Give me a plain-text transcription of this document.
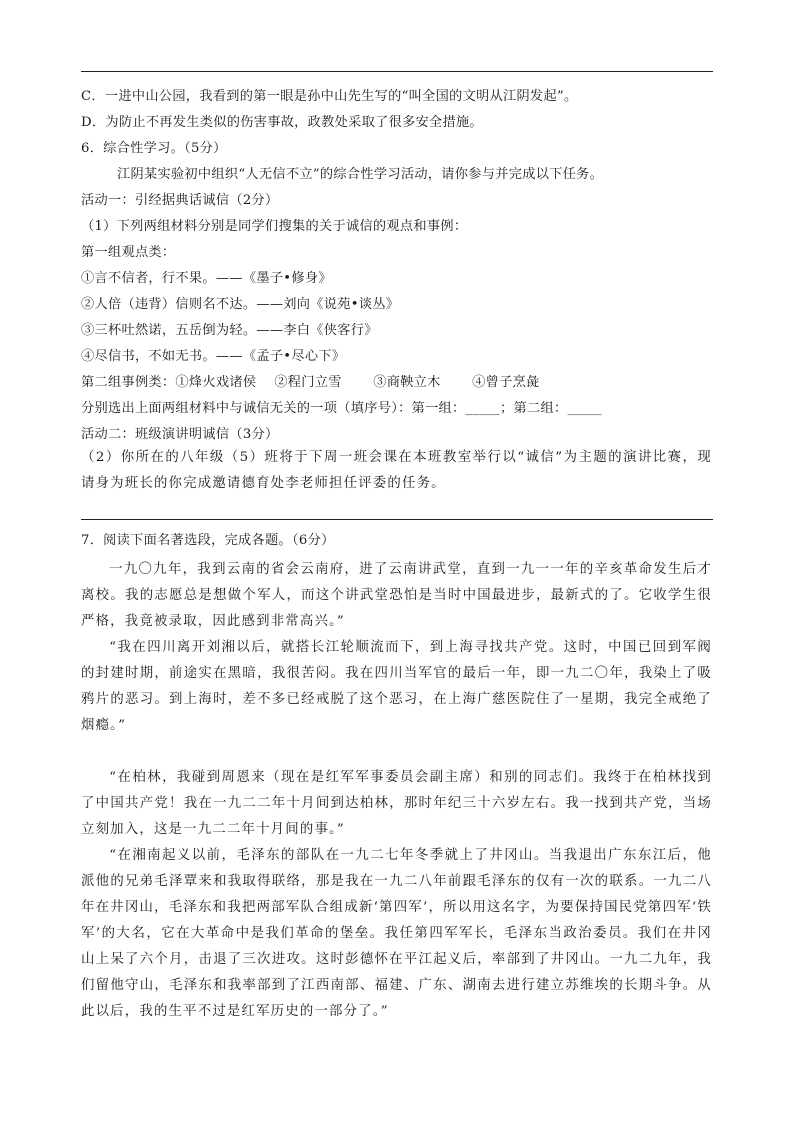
C．一进中山公园，我看到的第一眼是孙中山先生写的“叫全国的文明从江阴发起”。
D．为防止不再发生类似的伤害事故，政教处采取了很多安全措施。
6．综合性学习。（5分）
江阴某实验初中组织“人无信不立”的综合性学习活动，请你参与并完成以下任务。
活动一：引经据典话诚信（2分）
（1）下列两组材料分别是同学们搜集的关于诚信的观点和事例：
第一组观点类：
①言不信者，行不果。——《墨子•修身》
②人倍（违背）信则名不达。——刘向《说苑•谈丛》
③三杯吐然诺，五岳倒为轻。——李白《侠客行》
④尽信书，不如无书。——《孟子•尽心下》
第二组事例类：①烽火戏诸侯　 ②程门立雪　 　③商鞅立木　 　④曾子烹彘
分别选出上面两组材料中与诚信无关的一项（填序号）：第一组：_____；第二组：_____
活动二：班级演讲明诚信（3分）
（2）你所在的八年级（5）班将于下周一班会课在本班教室举行以“诚信”为主题的演讲比赛，现请身为班长的你完成邀请德育处李老师担任评委的任务。
7．阅读下面名著选段，完成各题。（6分）
一九〇九年，我到云南的省会云南府，进了云南讲武堂，直到一九一一年的辛亥革命发生后才离校。我的志愿总是想做个军人，而这个讲武堂恐怕是当时中国最进步，最新式的了。它收学生很严格，我竟被录取，因此感到非常高兴。”
“我在四川离开刘湘以后，就搭长江轮顺流而下，到上海寻找共产党。这时，中国已回到军阀的封建时期，前途实在黑暗，我很苦闷。我在四川当军官的最后一年，即一九二〇年，我染上了吸鸦片的恶习。到上海时，差不多已经戒脱了这个恶习，在上海广慈医院住了一星期，我完全戒绝了烟瘾。”
“在柏林，我碰到周恩来（现在是红军军事委员会副主席）和别的同志们。我终于在柏林找到了中国共产党！我在一九二二年十月间到达柏林，那时年纪三十六岁左右。我一找到共产党，当场立刻加入，这是一九二二年十月间的事。”
“在湘南起义以前，毛泽东的部队在一九二七年冬季就上了井冈山。当我退出广东东江后，他派他的兄弟毛泽覃来和我取得联络，那是我在一九二八年前跟毛泽东的仅有一次的联系。一九二八年在井冈山，毛泽东和我把两部军队合组成新‘第四军’，所以用这名字，为要保持国民党第四军‘铁军’的大名，它在大革命中是我们革命的堡垒。我任第四军军长，毛泽东当政治委员。我们在井冈山上呆了六个月，击退了三次进攻。这时彭德怀在平江起义后，率部到了井冈山。一九二九年，我们留他守山，毛泽东和我率部到了江西南部、福建、广东、湖南去进行建立苏维埃的长期斗争。从此以后，我的生平不过是红军历史的一部分了。”
